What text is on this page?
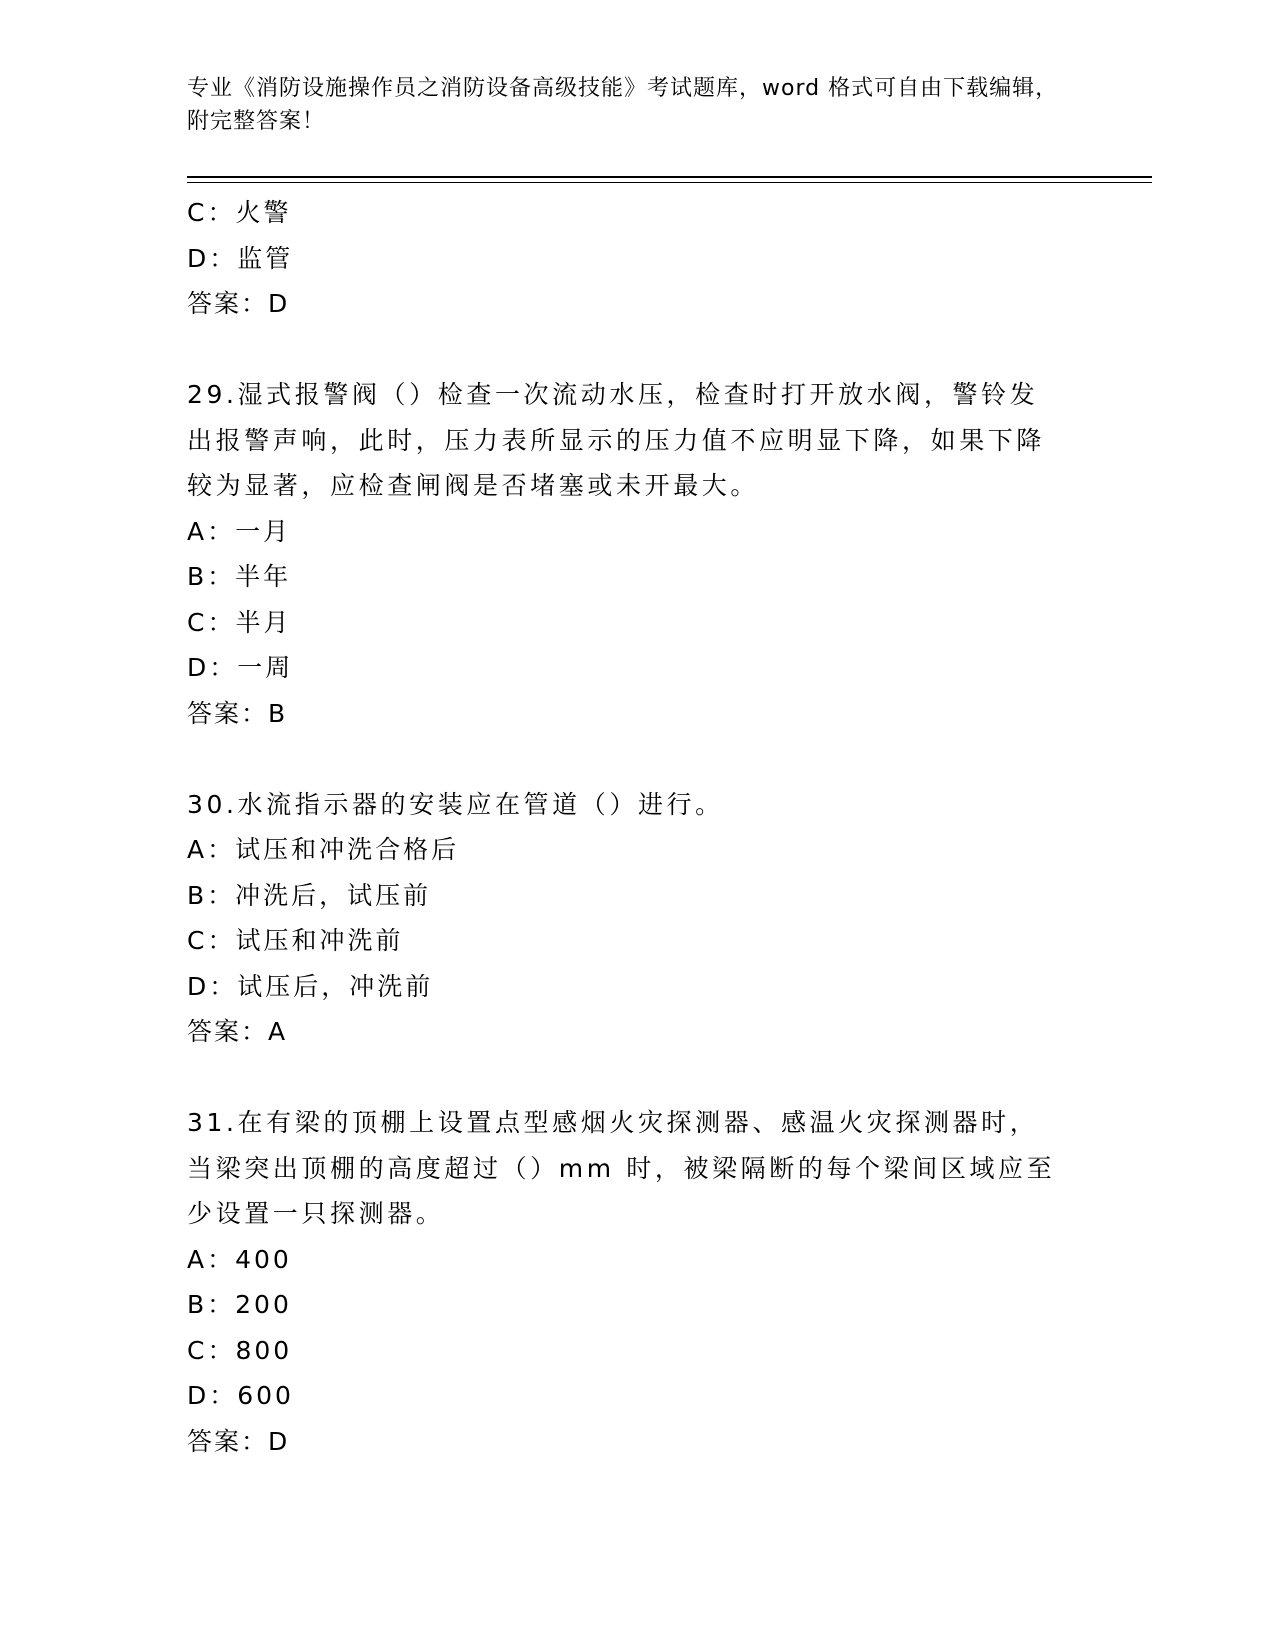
专业《消防设施操作员之消防设备高级技能》考试题库，word 格式可自由下载编辑，附完整答案！
C：火警
D：监管
答案：D
29.湿式报警阀（）检查一次流动水压，检查时打开放水阀，警铃发出报警声响，此时，压力表所显示的压力值不应明显下降，如果下降较为显著，应检查闸阀是否堵塞或未开最大。
A：一月
B：半年
C：半月
D：一周
答案：B
30.水流指示器的安装应在管道（）进行。
A：试压和冲洗合格后
B：冲洗后，试压前
C：试压和冲洗前
D：试压后，冲洗前
答案：A
31.在有梁的顶棚上设置点型感烟火灾探测器、感温火灾探测器时，当梁突出顶棚的高度超过（）mm 时，被梁隔断的每个梁间区域应至少设置一只探测器。
A：400
B：200
C：800
D：600
答案：D
